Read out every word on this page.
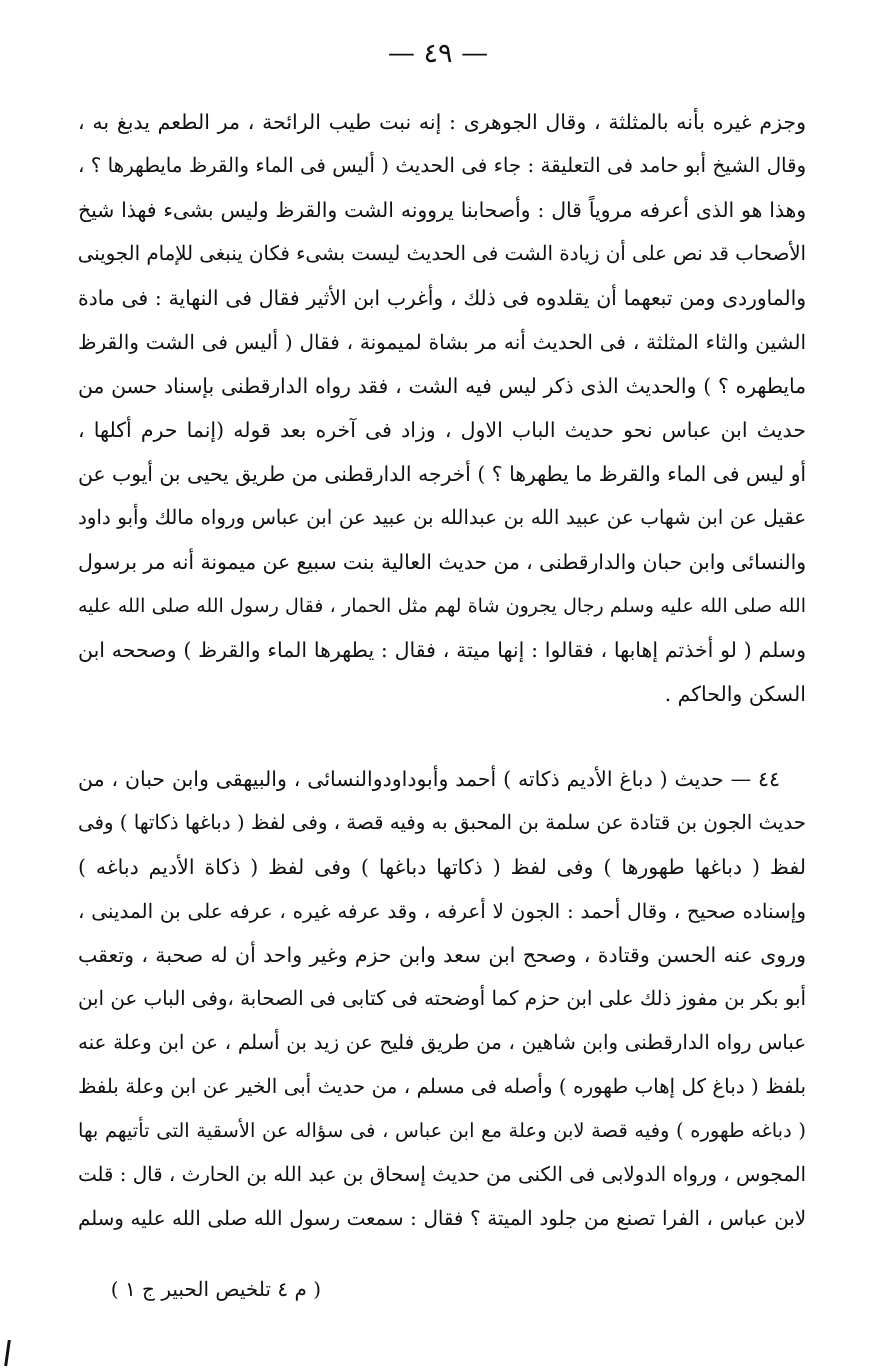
— ٤٩ —
وجزم غيره بأنه بالمثلثة ، وقال الجوهرى : إنه نبت طيب الرائحة ، مر الطعم يدبغ به ،
وقال الشيخ أبو حامد فى التعليقة : جاء فى الحديث ( أليس فى الماء والقرظ مايطهرها ؟ ،
وهذا هو الذى أعرفه مروياً قال : وأصحابنا يروونه الشت والقرظ وليس بشىء فهذا شيخ
الأصحاب قد نص على أن زيادة الشت فى الحديث ليست بشىء فكان ينبغى للإمام الجوينى
والماوردى ومن تبعهما أن يقلدوه فى ذلك ، وأغرب ابن الأثير فقال فى النهاية : فى مادة
الشين والثاء المثلثة ، فى الحديث أنه مر بشاة لميمونة ، فقال ( أليس فى الشت والقرظ
مايطهره ؟ ) والحديث الذى ذكر ليس فيه الشت ، فقد رواه الدارقطنى بإسناد حسن من
حديث ابن عباس نحو حديث الباب الاول ، وزاد فى آخره بعد قوله (إنما حرم أكلها ،
أو ليس فى الماء والقرظ ما يطهرها ؟ ) أخرجه الدارقطنى من طريق يحيى بن أيوب عن
عقيل عن ابن شهاب عن عبيد الله بن عبدالله بن عبيد عن ابن عباس ورواه مالك وأبو داود
والنسائى وابن حبان والدارقطنى ، من حديث العالية بنت سبيع عن ميمونة أنه مر برسول
الله صلى الله عليه وسلم رجال يجرون شاة لهم مثل الحمار ، فقال رسول الله صلى الله عليه
وسلم ( لو أخذتم إهابها ، فقالوا : إنها ميتة ، فقال : يطهرها الماء والقرظ ) وصححه ابن
السكن والحاكم .
٤٤ — حديث ( دباغ الأديم ذكاته ) أحمد وأبوداودوالنسائى ، والبيهقى وابن حبان ، من
حديث الجون بن قتادة عن سلمة بن المحبق به وفيه قصة ، وفى لفظ ( دباغها ذكاتها ) وفى
لفظ ( دباغها طهورها ) وفى لفظ ( ذكاتها دباغها ) وفى لفظ ( ذكاة الأديم دباغه )
وإسناده صحيح ، وقال أحمد : الجون لا أعرفه ، وقد عرفه غيره ، عرفه على بن المدينى ،
وروى عنه الحسن وقتادة ، وصحح ابن سعد وابن حزم وغير واحد أن له صحبة ، وتعقب
أبو بكر بن مفوز ذلك على ابن حزم كما أوضحته فى كتابى فى الصحابة ،وفى الباب عن ابن
عباس رواه الدارقطنى وابن شاهين ، من طريق فليح عن زيد بن أسلم ، عن ابن وعلة عنه
بلفظ ( دباغ كل إهاب طهوره ) وأصله فى مسلم ، من حديث أبى الخير عن ابن وعلة بلفظ
( دباغه طهوره ) وفيه قصة لابن وعلة مع ابن عباس ، فى سؤاله عن الأسقية التى تأتيهم بها
المجوس ، ورواه الدولابى فى الكنى من حديث إسحاق بن عبد الله بن الحارث ، قال : قلت
لابن عباس ، الفرا تصنع من جلود الميتة ؟ فقال : سمعت رسول الله صلى الله عليه وسلم
( م ٤ تلخيص الحبير ج ١ )
